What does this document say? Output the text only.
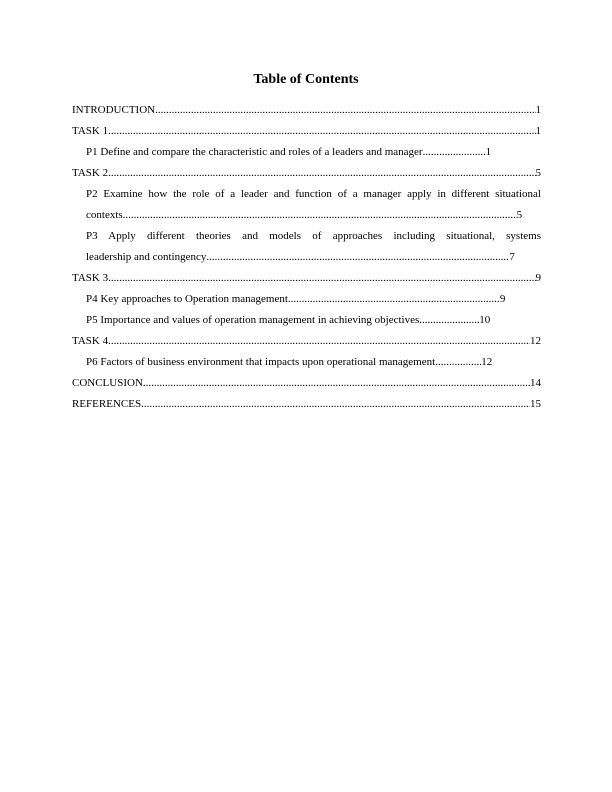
Table of Contents
INTRODUCTION .....	1
TASK 1 .....	1
P1 Define and compare the characteristic and roles of a leaders and manager .....	1
TASK 2 .....	5
P2 Examine how the role of a leader and function of a manager apply in different situational
contexts .....	5
P3 Apply different theories and models of approaches including situational, systems
leadership and contingency .....	7
TASK 3 .....	9
P4 Key approaches to Operation management .....	9
P5 Importance and values of operation management in achieving objectives .....	10
TASK 4 .....	12
P6 Factors of business environment that impacts upon operational management .....	12
CONCLUSION .....	14
REFERENCES .....	15
